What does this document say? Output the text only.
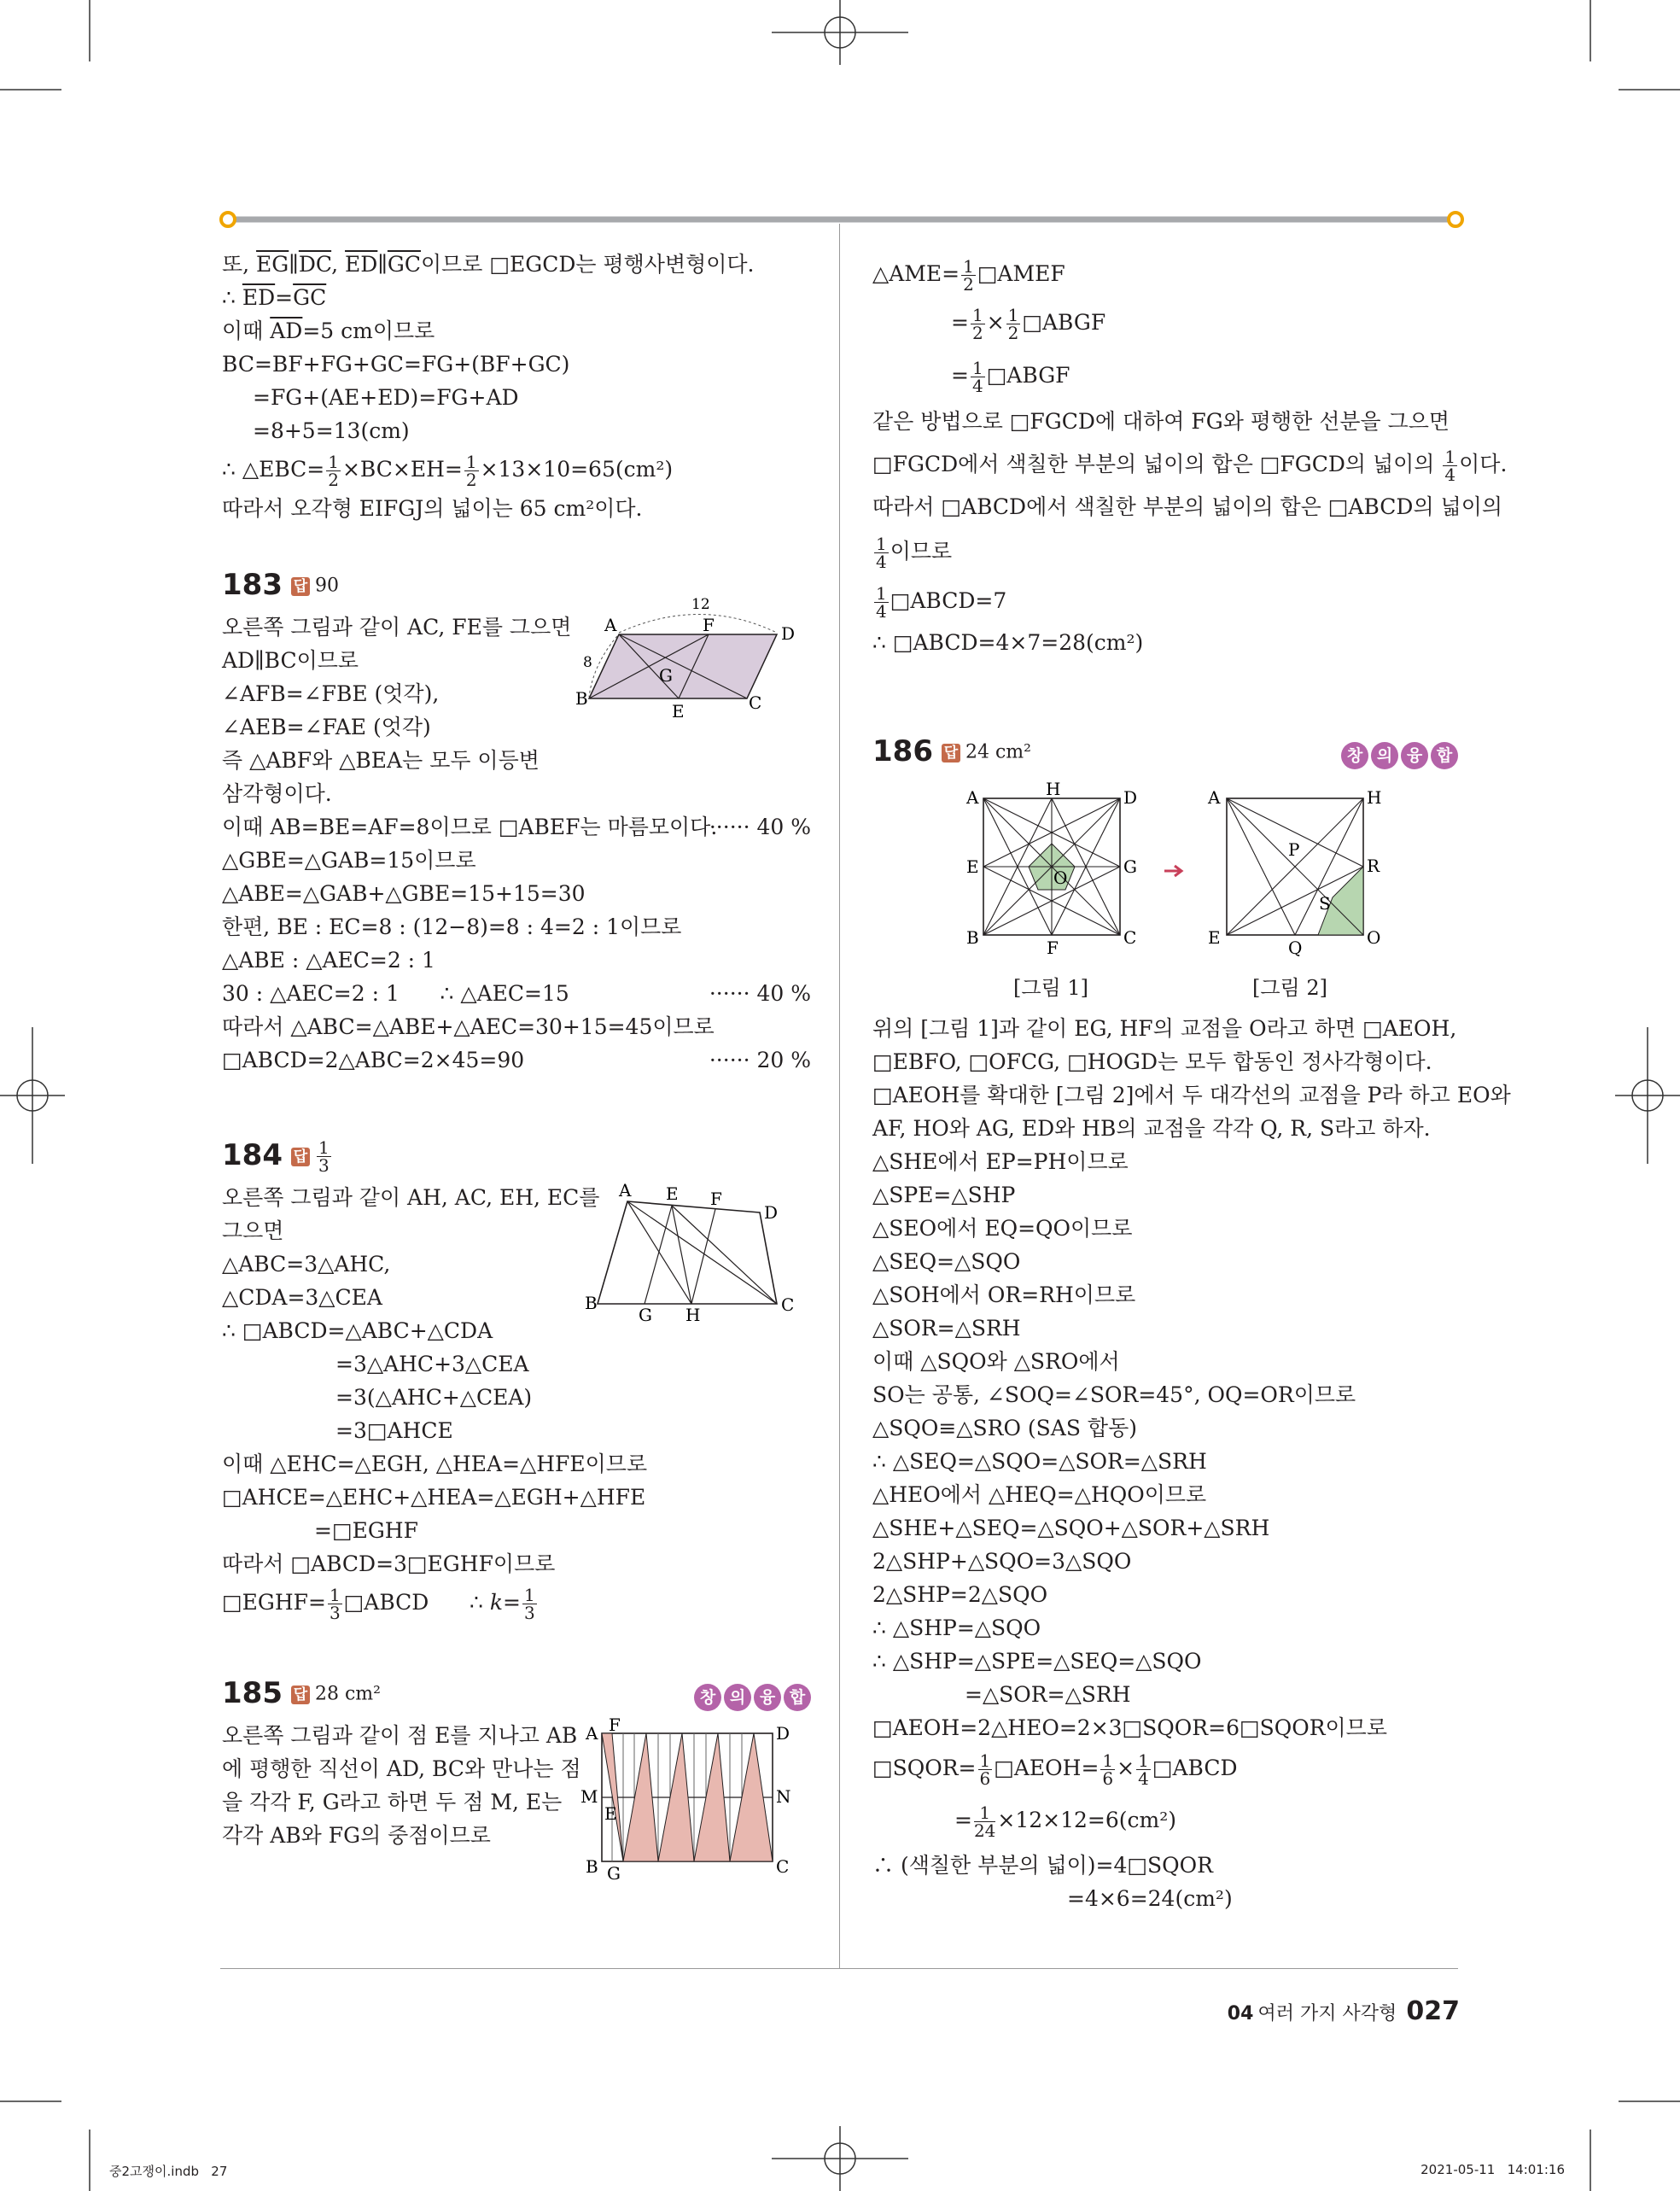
또, $\overline{EG}\parallel\overline{DC}$, $\overline{ED}\parallel\overline{GC}$이므로 □EGCD는 평행사변형이다.
∴ $\overline{ED}=\overline{GC}$
이때 $\overline{AD}=5$ cm이므로
BC=BF+FG+GC=FG+(BF+GC)
=FG+(AE+ED)=FG+AD
=8+5=13(cm)
∴ △EBC= $\frac{1}{2} \times BC\times EH= \frac{1}{2} \times 13\times 10=65(cm^2)$
따라서 오각형 EIFGJ의 넓이는 65 cm²이다.
183 답 90
오른쪽 그림과 같이 AC, FE를 그으면
AD∥BC이므로
∠AFB=∠FBE (엇각),
∠AEB=∠FAE (엇각)
즉 △ABF와 △BEA는 모두 이등변
삼각형이다.
이때 AB=BE=AF=8이므로 □ABEF는 마름모이다.
······ 40 %
△GBE=△GAB=15이므로
△ABE=△GAB+△GBE=15+15=30
한편, BE : EC=8 : (12−8)=8 : 4=2 : 1이므로
△ABE : △AEC=2 : 1
30 : △AEC=2 : 1      ∴ △AEC=15	······ 40 %
따라서 △ABC=△ABE+△AEC=30+15=45이므로
□ABCD=2△ABC=2×45=90	······ 20 %
A	F	D
B	C
E
G
12
8
184 답 $\frac{1}{3}$
오른쪽 그림과 같이 AH, AC, EH, EC를
그으면
△ABC=3△AHC,
△CDA=3△CEA
∴ □ABCD=△ABC+△CDA
=3△AHC+3△CEA
=3(△AHC+△CEA)
=3□AHCE
이때 △EHC=△EGH, △HEA=△HFE이므로
□AHCE=△EHC+△HEA=△EGH+△HFE
=□EGHF
따라서 □ABCD=3□EGHF이므로
□EGHF= $\frac{1}{3}$ □ABCD      ∴ $k= \frac{1}{3}$
A E F
D
B	C
G H
185 답 28 cm²	창 의 융 합
오른쪽 그림과 같이 점 E를 지나고 AB
에 평행한 직선이 AD, BC와 만나는 점
을 각각 F, G라고 하면 두 점 M, E는
각각 AB와 FG의 중점이므로
A F	D
M	N
E
B G	C
△AME= $\frac{1}{2}$ □AMEF
= $\frac{1}{2} \times \frac{1}{2}$ □ABGF
= $\frac{1}{4}$ □ABGF
같은 방법으로 □FGCD에 대하여 FG와 평행한 선분을 그으면
□FGCD에서 색칠한 부분의 넓이의 합은 □FGCD의 넓이의 $\frac{1}{4}$ 이다.
따라서 □ABCD에서 색칠한 부분의 넓이의 합은 □ABCD의 넓이의
$\frac{1}{4}$ 이므로
$\frac{1}{4}$ □ABCD=7
∴ □ABCD=4×7=28(cm²)
186 답 24 cm²	창 의 융 합
A	H	D
E	G
O
B	F	C
[그림 1]
A	H
P
R
S
E	Q	O
[그림 2]
위의 [그림 1]과 같이 EG, HF의 교점을 O라고 하면 □AEOH,
□EBFO, □OFCG, □HOGD는 모두 합동인 정사각형이다.
□AEOH를 확대한 [그림 2]에서 두 대각선의 교점을 P라 하고 EO와
AF, HO와 AG, ED와 HB의 교점을 각각 Q, R, S라고 하자.
△SHE에서 EP=PH이므로
△SPE=△SHP
△SEO에서 EQ=QO이므로
△SEQ=△SQO
△SOH에서 OR=RH이므로
△SOR=△SRH
이때 △SQO와 △SRO에서
SO는 공통, ∠SOQ=∠SOR=45°, OQ=OR이므로
△SQO≡△SRO (SAS 합동)
∴ △SEQ=△SQO=△SOR=△SRH
△HEO에서 △HEQ=△HQO이므로
△SHE+△SEQ=△SQO+△SOR+△SRH
2△SHP+△SQO=3△SQO
2△SHP=2△SQO
∴ △SHP=△SQO
∴ △SHP=△SPE=△SEQ=△SQO
=△SOR=△SRH
□AEOH=2△HEO=2×3□SQOR=6□SQOR이므로
□SQOR= $\frac{1}{6}$ □AEOH= $\frac{1}{6} \times \frac{1}{4}$ □ABCD
= $\frac{1}{24} \times 12\times 12=6(cm^2)$
∴ (색칠한 부분의 넓이)=4□SQOR
=4×6=24(cm²)
04 여러 가지 사각형 027
중2고쟁이.indb   27	2021-05-11   14:01:16
